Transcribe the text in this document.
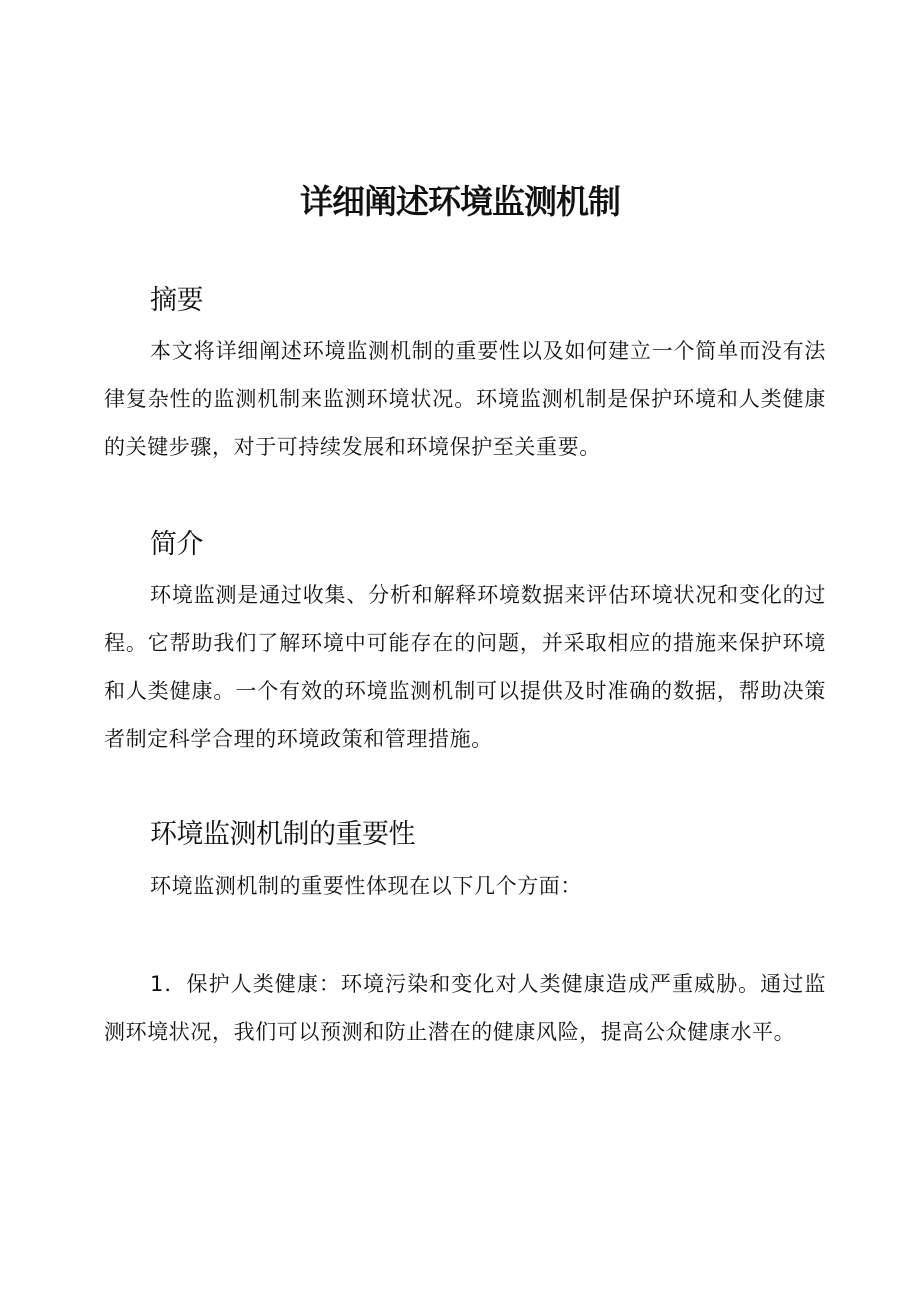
详细阐述环境监测机制
摘要
本文将详细阐述环境监测机制的重要性以及如何建立一个简单而没有法律复杂性的监测机制来监测环境状况。环境监测机制是保护环境和人类健康的关键步骤，对于可持续发展和环境保护至关重要。
简介
环境监测是通过收集、分析和解释环境数据来评估环境状况和变化的过程。它帮助我们了解环境中可能存在的问题，并采取相应的措施来保护环境和人类健康。一个有效的环境监测机制可以提供及时准确的数据，帮助决策者制定科学合理的环境政策和管理措施。
环境监测机制的重要性
环境监测机制的重要性体现在以下几个方面：
1．保护人类健康：环境污染和变化对人类健康造成严重威胁。通过监测环境状况，我们可以预测和防止潜在的健康风险，提高公众健康水平。
